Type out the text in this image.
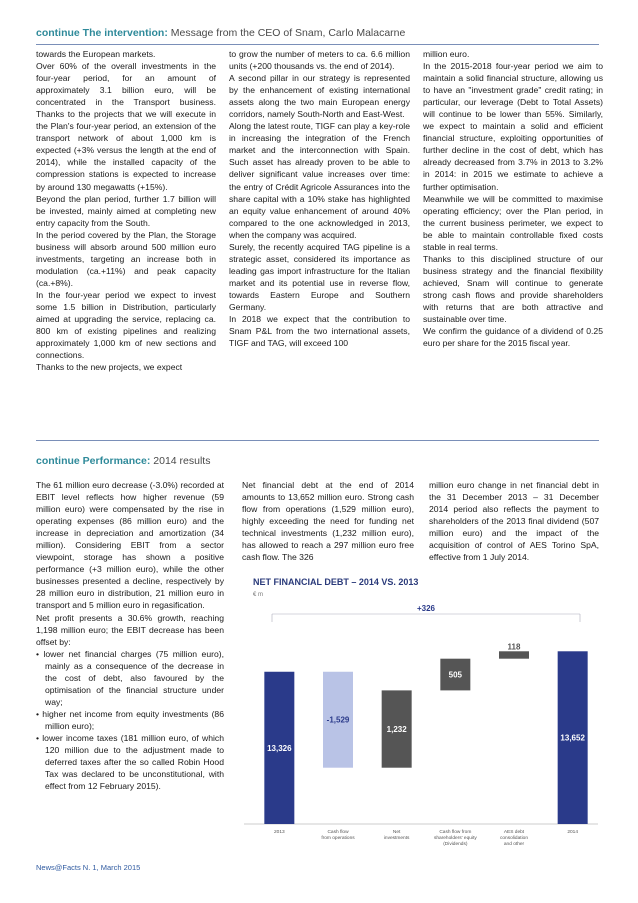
continue The intervention: Message from the CEO of Snam, Carlo Malacarne

towards the European markets.

Over 60% of the overall investments in the four-year period, for an amount of approximately 3.1 billion euro, will be concentrated in the Transport business. Thanks to the projects that we will execute in the Plan's four-year period, an extension of the transport network of about 1,000 km is expected (+3% versus the length at the end of 2014), while the installed capacity of the compression stations is expected to increase by around 130 megawatts (+15%).

Beyond the plan period, further 1.7 billion will be invested, mainly aimed at completing new entry capacity from the South.

In the period covered by the Plan, the Storage business will absorb around 500 million euro investments, targeting an increase both in modulation (ca.+11%) and peak capacity (ca.+8%).

In the four-year period we expect to invest some 1.5 billion in Distribution, particularly aimed at upgrading the service, replacing ca. 800 km of existing pipelines and realizing approximately 1,000 km of new sections and connections.

Thanks to the new projects, we expect

to grow the number of meters to ca. 6.6 million units (+200 thousands vs. the end of 2014).

A second pillar in our strategy is represented by the enhancement of existing international assets along the two main European energy corridors, namely South-North and East-West.

Along the latest route, TIGF can play a key-role in increasing the integration of the French market and the interconnection with Spain. Such asset has already proven to be able to deliver significant value increases over time: the entry of Crédit Agricole Assurances into the share capital with a 10% stake has highlighted an equity value enhancement of around 40% compared to the one acknowledged in 2013, when the company was acquired.

Surely, the recently acquired TAG pipeline is a strategic asset, considered its importance as leading gas import infrastructure for the Italian market and its potential use in reverse flow, towards Eastern Europe and Southern Germany.

In 2018 we expect that the contribution to Snam P&L from the two international assets, TIGF and TAG, will exceed 100

million euro.

In the 2015-2018 four-year period we aim to maintain a solid financial structure, allowing us to have an "investment grade" credit rating; in particular, our leverage (Debt to Total Assets) will continue to be lower than 55%. Similarly, we expect to maintain a solid and efficient financial structure, exploiting opportunities of further decline in the cost of debt, which has already decreased from 3.7% in 2013 to 3.2% in 2014: in 2015 we estimate to achieve a further optimisation.

Meanwhile we will be committed to maximise operating efficiency; over the Plan period, in the current business perimeter, we expect to be able to maintain controllable fixed costs stable in real terms.

Thanks to this disciplined structure of our business strategy and the financial flexibility achieved, Snam will continue to generate strong cash flows and provide shareholders with returns that are both attractive and sustainable over time.

We confirm the guidance of a dividend of 0.25 euro per share for the 2015 fiscal year.

continue Performance: 2014 results

The 61 million euro decrease (-3.0%) recorded at EBIT level reflects how higher revenue (59 million euro) were compensated by the rise in operating expenses (86 million euro) and the increase in depreciation and amortization (34 million). Considering EBIT from a sector viewpoint, storage has shown a positive performance (+3 million euro), while the other businesses presented a decline, respectively by 28 million euro in distribution, 21 million euro in transport and 5 million euro in regasification.

Net profit presents a 30.6% growth, reaching 1,198 million euro; the EBIT decrease has been offset by:

• lower net financial charges (75 million euro), mainly as a consequence of the decrease in the cost of debt, also favoured by the optimisation of the financial structure under way;

• higher net income from equity investments (86 million euro);

• lower income taxes (181 million euro, of which 120 million due to the adjustment made to deferred taxes after the so called Robin Hood Tax was declared to be unconstitutional, with effect from 12 February 2015).

Net financial debt at the end of 2014 amounts to 13,652 million euro. Strong cash flow from operations (1,529 million euro), highly exceeding the need for funding net technical investments (1,232 million euro), has allowed to reach a 297 million euro free cash flow. The 326

million euro change in net financial debt in the 31 December 2013 – 31 December 2014 period also reflects the payment to shareholders of the 2013 final dividend (507 million euro) and the impact of the acquisition of control of AES Torino SpA, effective from 1 July 2014.

NET FINANCIAL DEBT – 2014 VS. 2013
€ m
+326
13,326
-1,529
1,232
505
118
13,652
2013	Cash flow from operations
Net investments
Cash flow from shareholders' equity (Dividends)
AES debt consolidation and other
2014
News@Facts N. 1, March 2015
